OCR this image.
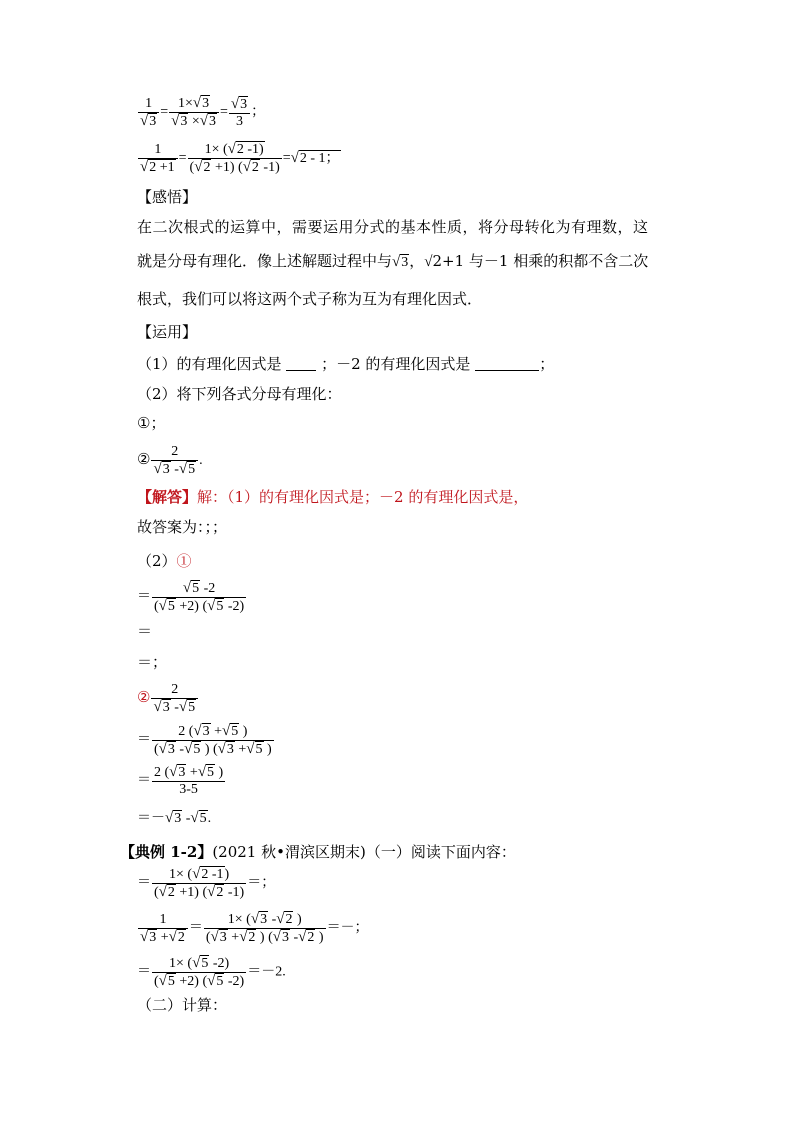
$\frac{1}{√3} = \frac{1\times√3}{√3 \times√3} = \frac{√3}{3}$ ；
$\frac{1}{√2 +1} = \frac{1\times (√2 -1)}{(√2 +1) (√2 -1)} =√2 - 1$；
【感悟】
在二次根式的运算中，需要运用分式的基本性质，将分母转化为有理数，这
就是分母有理化．像上述解题过程中与√3，√2+1 与－1 相乘的积都不含二次
根式，我们可以将这两个式子称为互为有理化因式．
【运用】
（1）的有理化因式是	；－2 的有理化因式是	；
（2）将下列各式分母有理化：
①；
② $\frac{2}{√3 -√5}$ .
【解答】解：（1）的有理化因式是；－2 的有理化因式是，
故答案为：；；
（2）①
＝ $\frac{√5 -2}{(√5 +2) (√5 -2)}$
＝
＝；
② $\frac{2}{√3 -√5}$
＝ $\frac{2 (√3 +√5 )}{(√3 -√5 ) (√3 +√5 )}$
＝ $\frac{2 (√3 +√5 )}{3-5}$
＝－√3 -√5.
【典例 1-2】(2021 秋•渭滨区期末)（一）阅读下面内容：
＝ $\frac{1\times (√2 -1)}{(√2 +1) (√2 -1)}$ ＝；
$\frac{1}{√3 +√2} = \frac{1\times (√3 -√2 )}{(√3 +√2 ) (√3 -√2 )}$ ＝－；
＝ $\frac{1\times (√5 -2)}{(√5 +2) (√5 -2)} =-2$.
（二）计算：
